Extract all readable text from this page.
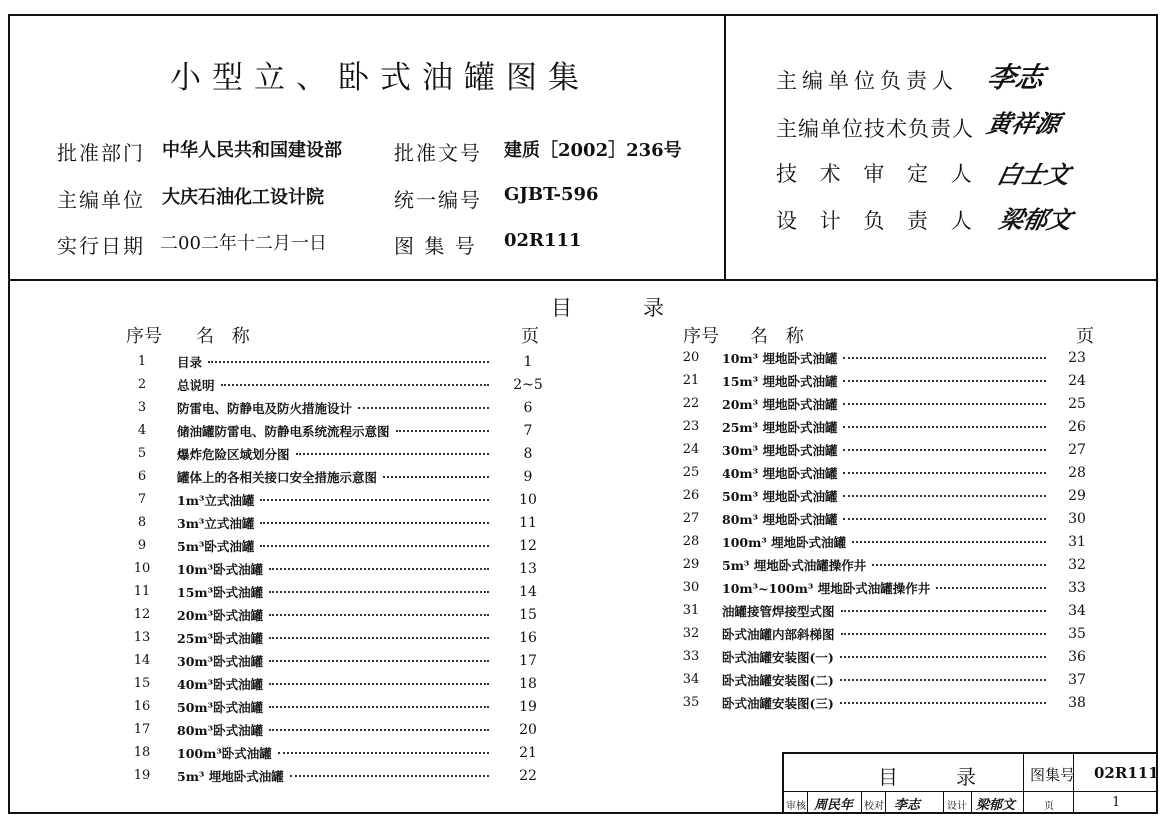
小型立、卧式油罐图集
批准部门 中华人民共和国建设部
主编单位 大庆石油化工设计院
实行日期 二00二年十二月一日
批准文号 建质［2002］236号
统一编号 GJBT-596
图 集 号 02R111
主编单位负责人 李志
主编单位技术负责人 黄祥源
技 术 审 定 人 白士文
设 计 负 责 人 梁郁文
目	录
序号 名 称	页	序号 名 称	页
1	目录	1
2	总说明	2~5
3	防雷电、防静电及防火措施设计	6
4	储油罐防雷电、防静电系统流程示意图	7
5	爆炸危险区域划分图	8
6	罐体上的各相关接口安全措施示意图	9
7	1m³立式油罐	10
8	3m³立式油罐	11
9	5m³卧式油罐	12
10	10m³卧式油罐	13
11	15m³卧式油罐	14
12	20m³卧式油罐	15
13	25m³卧式油罐	16
14	30m³卧式油罐	17
15	40m³卧式油罐	18
16	50m³卧式油罐	19
17	80m³卧式油罐	20
18	100m³卧式油罐	21
19	5m³ 埋地卧式油罐	22
20	10m³ 埋地卧式油罐	23
21	15m³ 埋地卧式油罐	24
22	20m³ 埋地卧式油罐	25
23	25m³ 埋地卧式油罐	26
24	30m³ 埋地卧式油罐	27
25	40m³ 埋地卧式油罐	28
26	50m³ 埋地卧式油罐	29
27	80m³ 埋地卧式油罐	30
28	100m³ 埋地卧式油罐	31
29	5m³ 埋地卧式油罐操作井	32
30	10m³~100m³ 埋地卧式油罐操作井	33
31	油罐接管焊接型式图	34
32	卧式油罐内部斜梯图	35
33	卧式油罐安装图(一)	36
34	卧式油罐安装图(二)	37
35	卧式油罐安装图(三)	38
目	录	图集号 02R111
审核 周民年 校对 李志	设计 梁郁文	页	1
